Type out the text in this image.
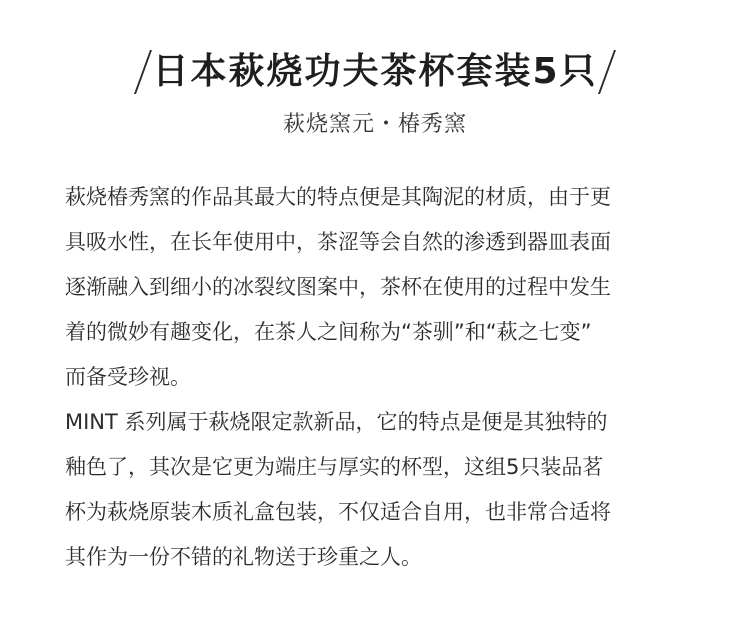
日本萩烧功夫茶杯套装5只
萩烧窯元・椿秀窯
萩烧椿秀窯的作品其最大的特点便是其陶泥的材质，由于更
具吸水性，在长年使用中，茶涩等会自然的渗透到器皿表面
逐渐融入到细小的冰裂纹图案中，茶杯在使用的过程中发生
着的微妙有趣变化，在茶人之间称为“茶驯”和“萩之七变”
而备受珍视。
MINT 系列属于萩烧限定款新品，它的特点是便是其独特的
釉色了，其次是它更为端庄与厚实的杯型，这组5只装品茗
杯为萩烧原装木质礼盒包装，不仅适合自用，也非常合适将
其作为一份不错的礼物送于珍重之人。
